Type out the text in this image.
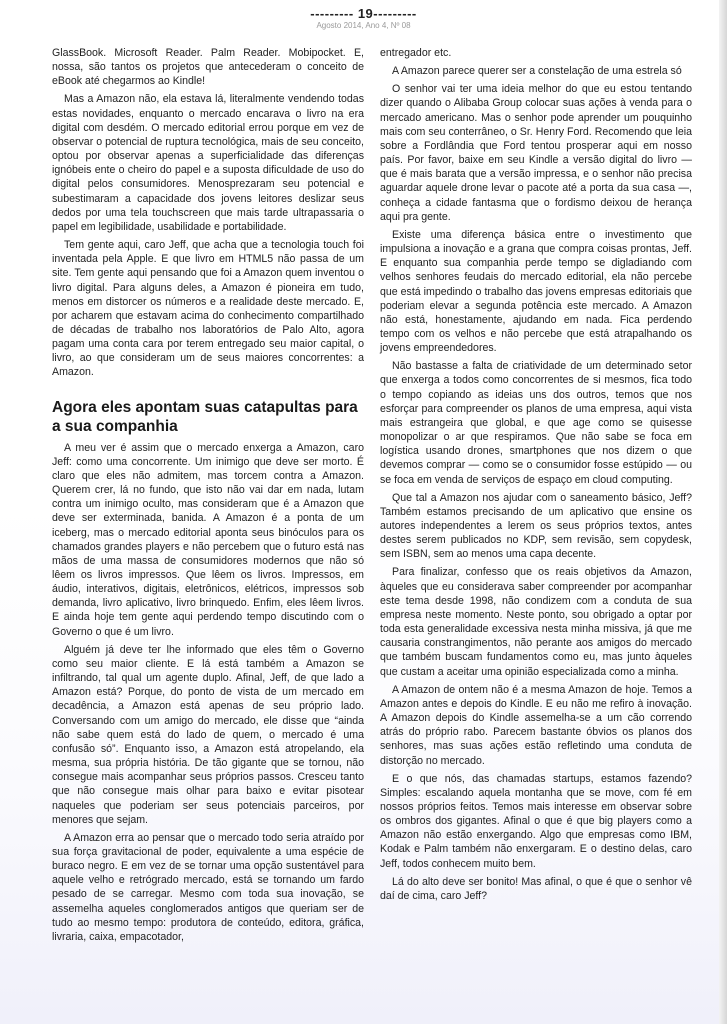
--------- 19---------
Agosto 2014, Ano 4, Nº 08

GlassBook. Microsoft Reader. Palm Reader. Mobipocket. E, nossa, são tantos os projetos que antecederam o conceito de eBook até chegarmos ao Kindle!

Mas a Amazon não, ela estava lá, literalmente vendendo todas estas novidades, enquanto o mercado encarava o livro na era digital com desdém. O mercado editorial errou porque em vez de observar o potencial de ruptura tecnológica, mais de seu conceito, optou por observar apenas a superficialidade das diferenças ignóbeis ente o cheiro do papel e a suposta dificuldade de uso do digital pelos consumidores. Menosprezaram seu potencial e subestimaram a capacidade dos jovens leitores deslizar seus dedos por uma tela touchscreen que mais tarde ultrapassaria o papel em legibilidade, usabilidade e portabilidade.

Tem gente aqui, caro Jeff, que acha que a tecnologia touch foi inventada pela Apple. E que livro em HTML5 não passa de um site. Tem gente aqui pensando que foi a Amazon quem inventou o livro digital. Para alguns deles, a Amazon é pioneira em tudo, menos em distorcer os números e a realidade deste mercado. E, por acharem que estavam acima do conhecimento compartilhado de décadas de trabalho nos laboratórios de Palo Alto, agora pagam uma conta cara por terem entregado seu maior capital, o livro, ao que consideram um de seus maiores concorrentes: a Amazon.

Agora eles apontam suas catapultas para a sua companhia

A meu ver é assim que o mercado enxerga a Amazon, caro Jeff: como uma concorrente. Um inimigo que deve ser morto. É claro que eles não admitem, mas torcem contra a Amazon. Querem crer, lá no fundo, que isto não vai dar em nada, lutam contra um inimigo oculto, mas consideram que é a Amazon que deve ser exterminada, banida. A Amazon é a ponta de um iceberg, mas o mercado editorial aponta seus binóculos para os chamados grandes players e não percebem que o futuro está nas mãos de uma massa de consumidores modernos que não só lêem os livros impressos. Que lêem os livros. Impressos, em áudio, interativos, digitais, eletrônicos, elétricos, impressos sob demanda, livro aplicativo, livro brinquedo. Enfim, eles lêem livros. E ainda hoje tem gente aqui perdendo tempo discutindo com o Governo o que é um livro.

Alguém já deve ter lhe informado que eles têm o Governo como seu maior cliente. E lá está também a Amazon se infiltrando, tal qual um agente duplo. Afinal, Jeff, de que lado a Amazon está? Porque, do ponto de vista de um mercado em decadência, a Amazon está apenas de seu próprio lado. Conversando com um amigo do mercado, ele disse que “ainda não sabe quem está do lado de quem, o mercado é uma confusão só”. Enquanto isso, a Amazon está atropelando, ela mesma, sua própria história. De tão gigante que se tornou, não consegue mais acompanhar seus próprios passos. Cresceu tanto que não consegue mais olhar para baixo e evitar pisotear naqueles que poderiam ser seus potenciais parceiros, por menores que sejam.

A Amazon erra ao pensar que o mercado todo seria atraído por sua força gravitacional de poder, equivalente a uma espécie de buraco negro. E em vez de se tornar uma opção sustentável para aquele velho e retrógrado mercado, está se tornando um fardo pesado de se carregar. Mesmo com toda sua inovação, se assemelha aqueles conglomerados antigos que queriam ser de tudo ao mesmo tempo: produtora de conteúdo, editora, gráfica, livraria, caixa, empacotador,

entregador etc.

A Amazon parece querer ser a constelação de uma estrela só

O senhor vai ter uma ideia melhor do que eu estou tentando dizer quando o Alibaba Group colocar suas ações à venda para o mercado americano. Mas o senhor pode aprender um pouquinho mais com seu conterrâneo, o Sr. Henry Ford. Recomendo que leia sobre a Fordlândia que Ford tentou prosperar aqui em nosso país. Por favor, baixe em seu Kindle a versão digital do livro — que é mais barata que a versão impressa, e o senhor não precisa aguardar aquele drone levar o pacote até a porta da sua casa —, conheça a cidade fantasma que o fordismo deixou de herança aqui pra gente.

Existe uma diferença básica entre o investimento que impulsiona a inovação e a grana que compra coisas prontas, Jeff. E enquanto sua companhia perde tempo se digladiando com velhos senhores feudais do mercado editorial, ela não percebe que está impedindo o trabalho das jovens empresas editoriais que poderiam elevar a segunda potência este mercado. A Amazon não está, honestamente, ajudando em nada. Fica perdendo tempo com os velhos e não percebe que está atrapalhando os jovens empreendedores.

Não bastasse a falta de criatividade de um determinado setor que enxerga a todos como concorrentes de si mesmos, fica todo o tempo copiando as ideias uns dos outros, temos que nos esforçar para compreender os planos de uma empresa, aqui vista mais estrangeira que global, e que age como se quisesse monopolizar o ar que respiramos. Que não sabe se foca em logística usando drones, smartphones que nos dizem o que devemos comprar — como se o consumidor fosse estúpido — ou se foca em venda de serviços de espaço em cloud computing.

Que tal a Amazon nos ajudar com o saneamento básico, Jeff? Também estamos precisando de um aplicativo que ensine os autores independentes a lerem os seus próprios textos, antes destes serem publicados no KDP, sem revisão, sem copydesk, sem ISBN, sem ao menos uma capa decente.

Para finalizar, confesso que os reais objetivos da Amazon, àqueles que eu considerava saber compreender por acompanhar este tema desde 1998, não condizem com a conduta de sua empresa neste momento. Neste ponto, sou obrigado a optar por toda esta generalidade excessiva nesta minha missiva, já que me causaria constrangimentos, não perante aos amigos do mercado que também buscam fundamentos como eu, mas junto àqueles que custam a aceitar uma opinião especializada como a minha.

A Amazon de ontem não é a mesma Amazon de hoje. Temos a Amazon antes e depois do Kindle. E eu não me refiro à inovação. A Amazon depois do Kindle assemelha-se a um cão correndo atrás do próprio rabo. Parecem bastante óbvios os planos dos senhores, mas suas ações estão refletindo uma conduta de distorção no mercado.

E o que nós, das chamadas startups, estamos fazendo? Simples: escalando aquela montanha que se move, com fé em nossos próprios feitos. Temos mais interesse em observar sobre os ombros dos gigantes. Afinal o que é que big players como a Amazon não estão enxergando. Algo que empresas como IBM, Kodak e Palm também não enxergaram. E o destino delas, caro Jeff, todos conhecem muito bem.

Lá do alto deve ser bonito! Mas afinal, o que é que o senhor vê daí de cima, caro Jeff?
